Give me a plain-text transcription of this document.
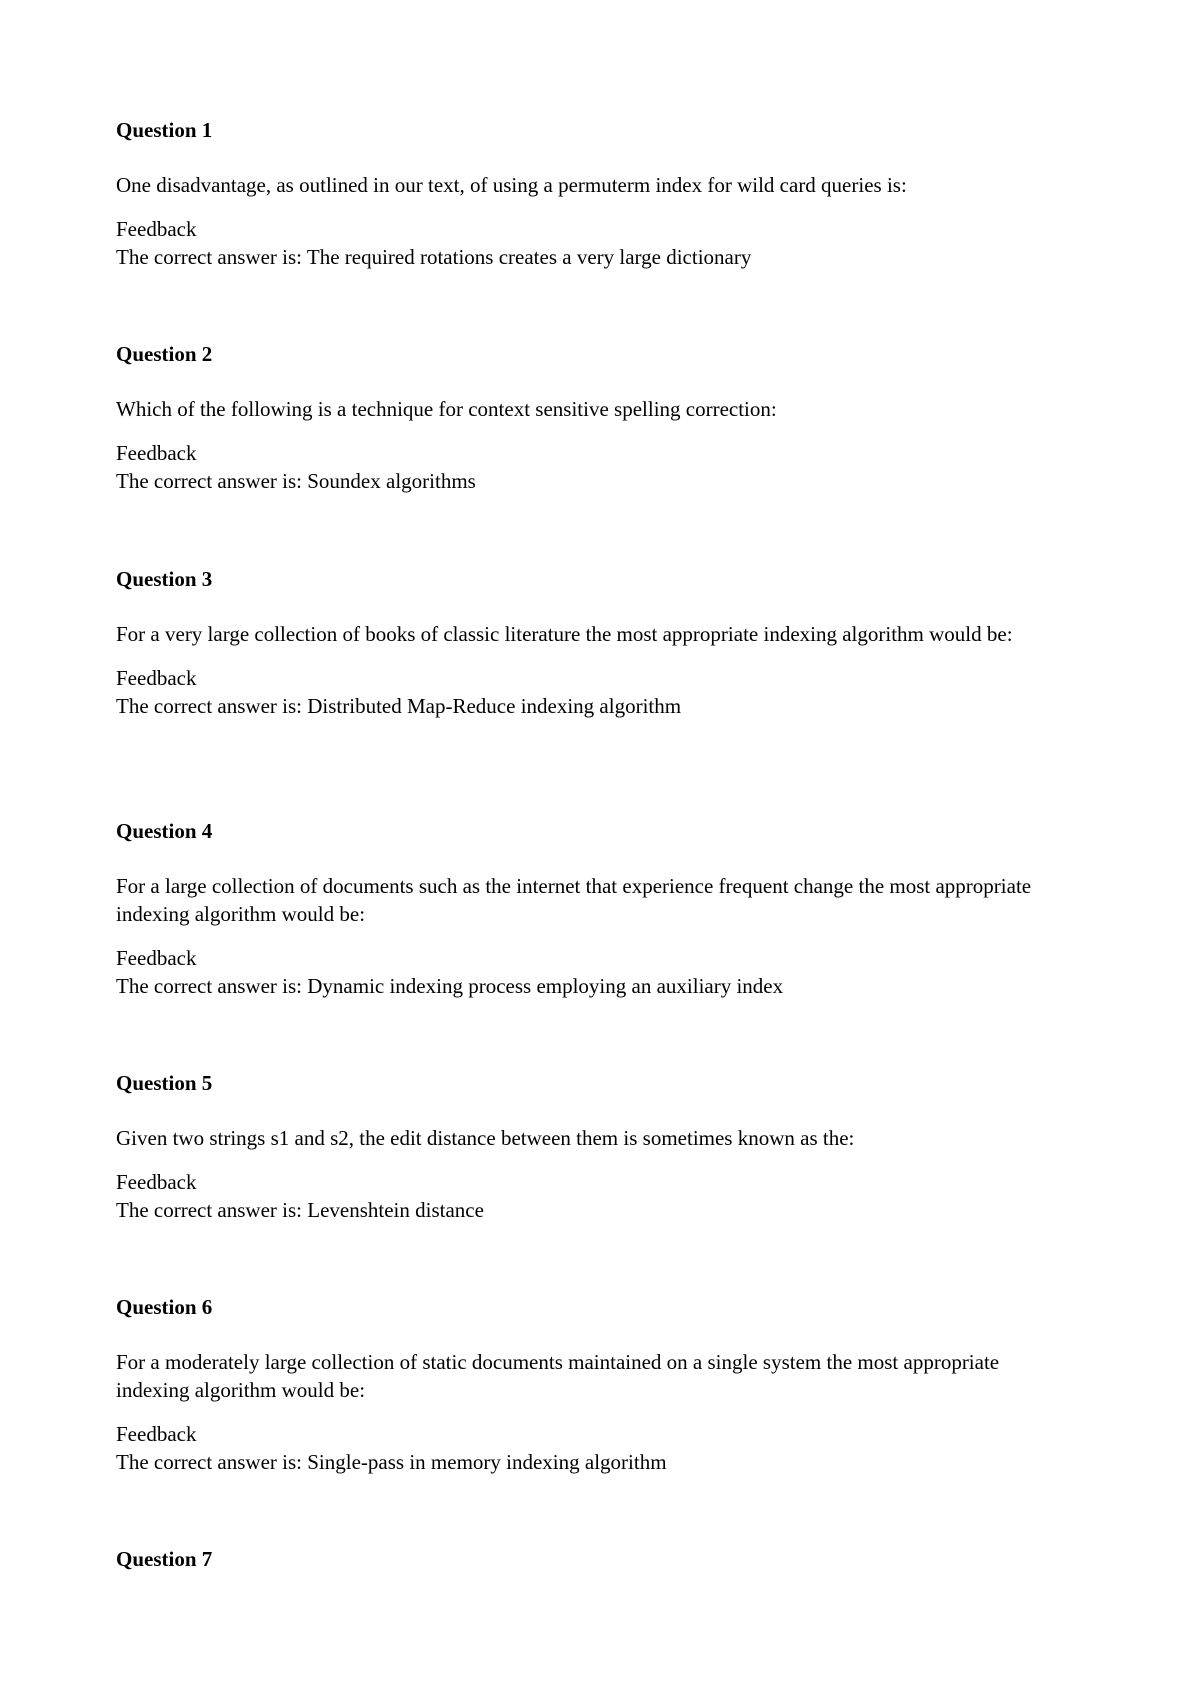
Question 1

One disadvantage, as outlined in our text, of using a permuterm index for wild card queries is:

Feedback

The correct answer is: The required rotations creates a very large dictionary

Question 2

Which of the following is a technique for context sensitive spelling correction:

Feedback

The correct answer is: Soundex algorithms

Question 3

For a very large collection of books of classic literature the most appropriate indexing algorithm would be:

Feedback

The correct answer is: Distributed Map-Reduce indexing algorithm

Question 4

For a large collection of documents such as the internet that experience frequent change the most appropriate indexing algorithm would be:

Feedback

The correct answer is: Dynamic indexing process employing an auxiliary index

Question 5

Given two strings s1 and s2, the edit distance between them is sometimes known as the:

Feedback

The correct answer is: Levenshtein distance

Question 6

For a moderately large collection of static documents maintained on a single system the most appropriate indexing algorithm would be:

Feedback

The correct answer is: Single-pass in memory indexing algorithm

Question 7
